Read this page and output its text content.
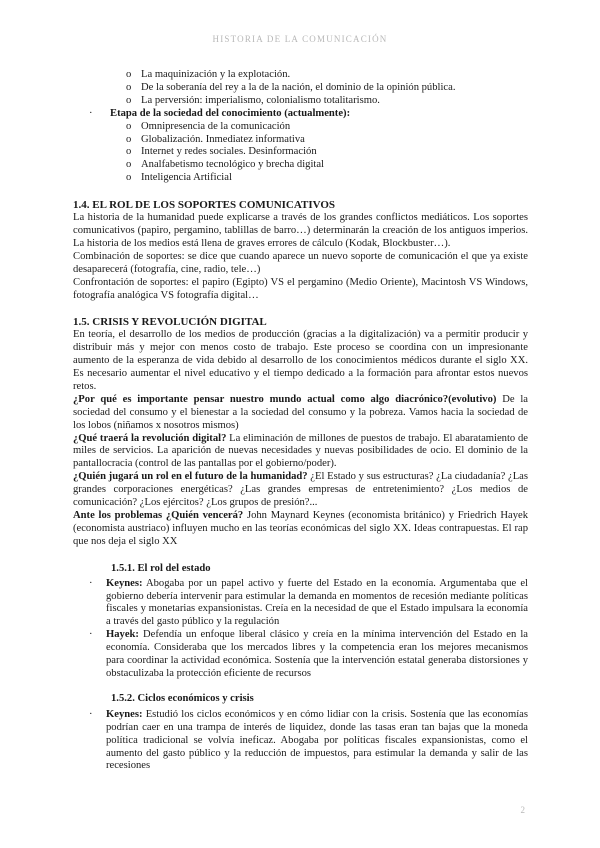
HISTORIA DE LA COMUNICACIÓN
o La maquinización y la explotación.
o De la soberanía del rey a la de la nación, el dominio de la opinión pública.
o La perversión: imperialismo, colonialismo totalitarismo.
· Etapa de la sociedad del conocimiento (actualmente):
o Omnipresencia de la comunicación
o Globalización. Inmediatez informativa
o Internet y redes sociales. Desinformación
o Analfabetismo tecnológico y brecha digital
o Inteligencia Artificial
1.4. EL ROL DE LOS SOPORTES COMUNICATIVOS

La historia de la humanidad puede explicarse a través de los grandes conflictos mediáticos. Los soportes comunicativos (papiro, pergamino, tablillas de barro…) determinarán la creación de los antiguos imperios. La historia de los medios está llena de graves errores de cálculo (Kodak, Blockbuster…).

Combinación de soportes: se dice que cuando aparece un nuevo soporte de comunicación el que ya existe desaparecerá (fotografía, cine, radio, tele…)

Confrontación de soportes: el papiro (Egipto) VS el pergamino (Medio Oriente), Macintosh VS Windows, fotografía analógica VS fotografía digital…

1.5. CRISIS Y REVOLUCIÓN DIGITAL

En teoría, el desarrollo de los medios de producción (gracias a la digitalización) va a permitir producir y distribuir más y mejor con menos costo de trabajo. Este proceso se coordina con un impresionante aumento de la esperanza de vida debido al desarrollo de los conocimientos médicos durante el siglo XX. Es necesario aumentar el nivel educativo y el tiempo dedicado a la formación para afrontar estos nuevos retos.

¿Por qué es importante pensar nuestro mundo actual como algo diacrónico?(evolutivo) De la sociedad del consumo y el bienestar a la sociedad del consumo y la pobreza. Vamos hacia la sociedad de los lobos (niñamos x nosotros mismos)

¿Qué traerá la revolución digital? La eliminación de millones de puestos de trabajo. El abaratamiento de miles de servicios. La aparición de nuevas necesidades y nuevas posibilidades de ocio. El dominio de la pantallocracia (control de las pantallas por el gobierno/poder).

¿Quién jugará un rol en el futuro de la humanidad? ¿El Estado y sus estructuras? ¿La ciudadanía? ¿Las grandes corporaciones energéticas? ¿Las grandes empresas de entretenimiento? ¿Los medios de comunicación? ¿Los ejércitos? ¿Los grupos de presión?...

Ante los problemas ¿Quién vencerá? John Maynard Keynes (economista británico) y Friedrich Hayek (economista austriaco) influyen mucho en las teorías económicas del siglo XX. Ideas contrapuestas. El rap que nos deja el siglo XX

1.5.1. El rol del estado
· Keynes: Abogaba por un papel activo y fuerte del Estado en la economía. Argumentaba que el gobierno debería intervenir para estimular la demanda en momentos de recesión mediante políticas fiscales y monetarias expansionistas. Creía en la necesidad de que el Estado impulsara la economía a través del gasto público y la regulación
· Hayek: Defendía un enfoque liberal clásico y creía en la mínima intervención del Estado en la economía. Consideraba que los mercados libres y la competencia eran los mejores mecanismos para coordinar la actividad económica. Sostenía que la intervención estatal generaba distorsiones y obstaculizaba la protección eficiente de recursos
1.5.2. Ciclos económicos y crisis
· Keynes: Estudió los ciclos económicos y en cómo lidiar con la crisis. Sostenía que las economías podrían caer en una trampa de interés de liquidez, donde las tasas eran tan bajas que la moneda política tradicional se volvía ineficaz. Abogaba por políticas fiscales expansionistas, como el aumento del gasto público y la reducción de impuestos, para estimular la demanda y salir de las recesiones
2
